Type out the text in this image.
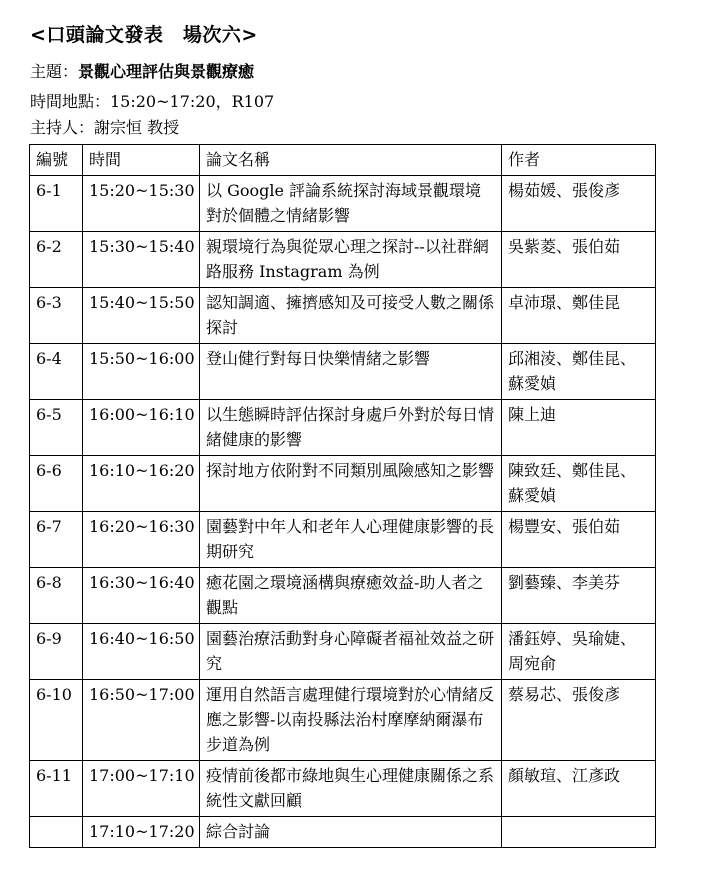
<口頭論文發表　場次六>
主題：景觀心理評估與景觀療癒
時間地點：15:20~17:20，R107
主持人：謝宗恒 教授
編號	時間	論文名稱	作者
6-1	15:20~15:30	以 Google 評論系統探討海域景觀環境對於個體之情緒影響	楊茹媛、張俊彥
6-2	15:30~15:40	親環境行為與從眾心理之探討--以社群網路服務 Instagram 為例	吳紫菱、張伯茹
6-3	15:40~15:50	認知調適、擁擠感知及可接受人數之關係探討	卓沛璟、鄭佳昆
6-4	15:50~16:00	登山健行對每日快樂情緒之影響	邱湘淩、鄭佳昆、蘇愛媜
6-5	16:00~16:10	以生態瞬時評估探討身處戶外對於每日情緒健康的影響	陳上迪
6-6	16:10~16:20	探討地方依附對不同類別風險感知之影響	陳致廷、鄭佳昆、蘇愛媜
6-7	16:20~16:30	園藝對中年人和老年人心理健康影響的長期研究	楊豐安、張伯茹
6-8	16:30~16:40	癒花園之環境涵構與療癒效益-助人者之觀點	劉藝臻、李美芬
6-9	16:40~16:50	園藝治療活動對身心障礙者福祉效益之研究	潘鈺婷、吳瑜婕、周宛俞
6-10	16:50~17:00	運用自然語言處理健行環境對於心情緒反應之影響-以南投縣法治村摩摩納爾瀑布步道為例	蔡易芯、張俊彥
6-11	17:00~17:10	疫情前後都市綠地與生心理健康關係之系統性文獻回顧	顏敏瑄、江彥政
	17:10~17:20	綜合討論	
